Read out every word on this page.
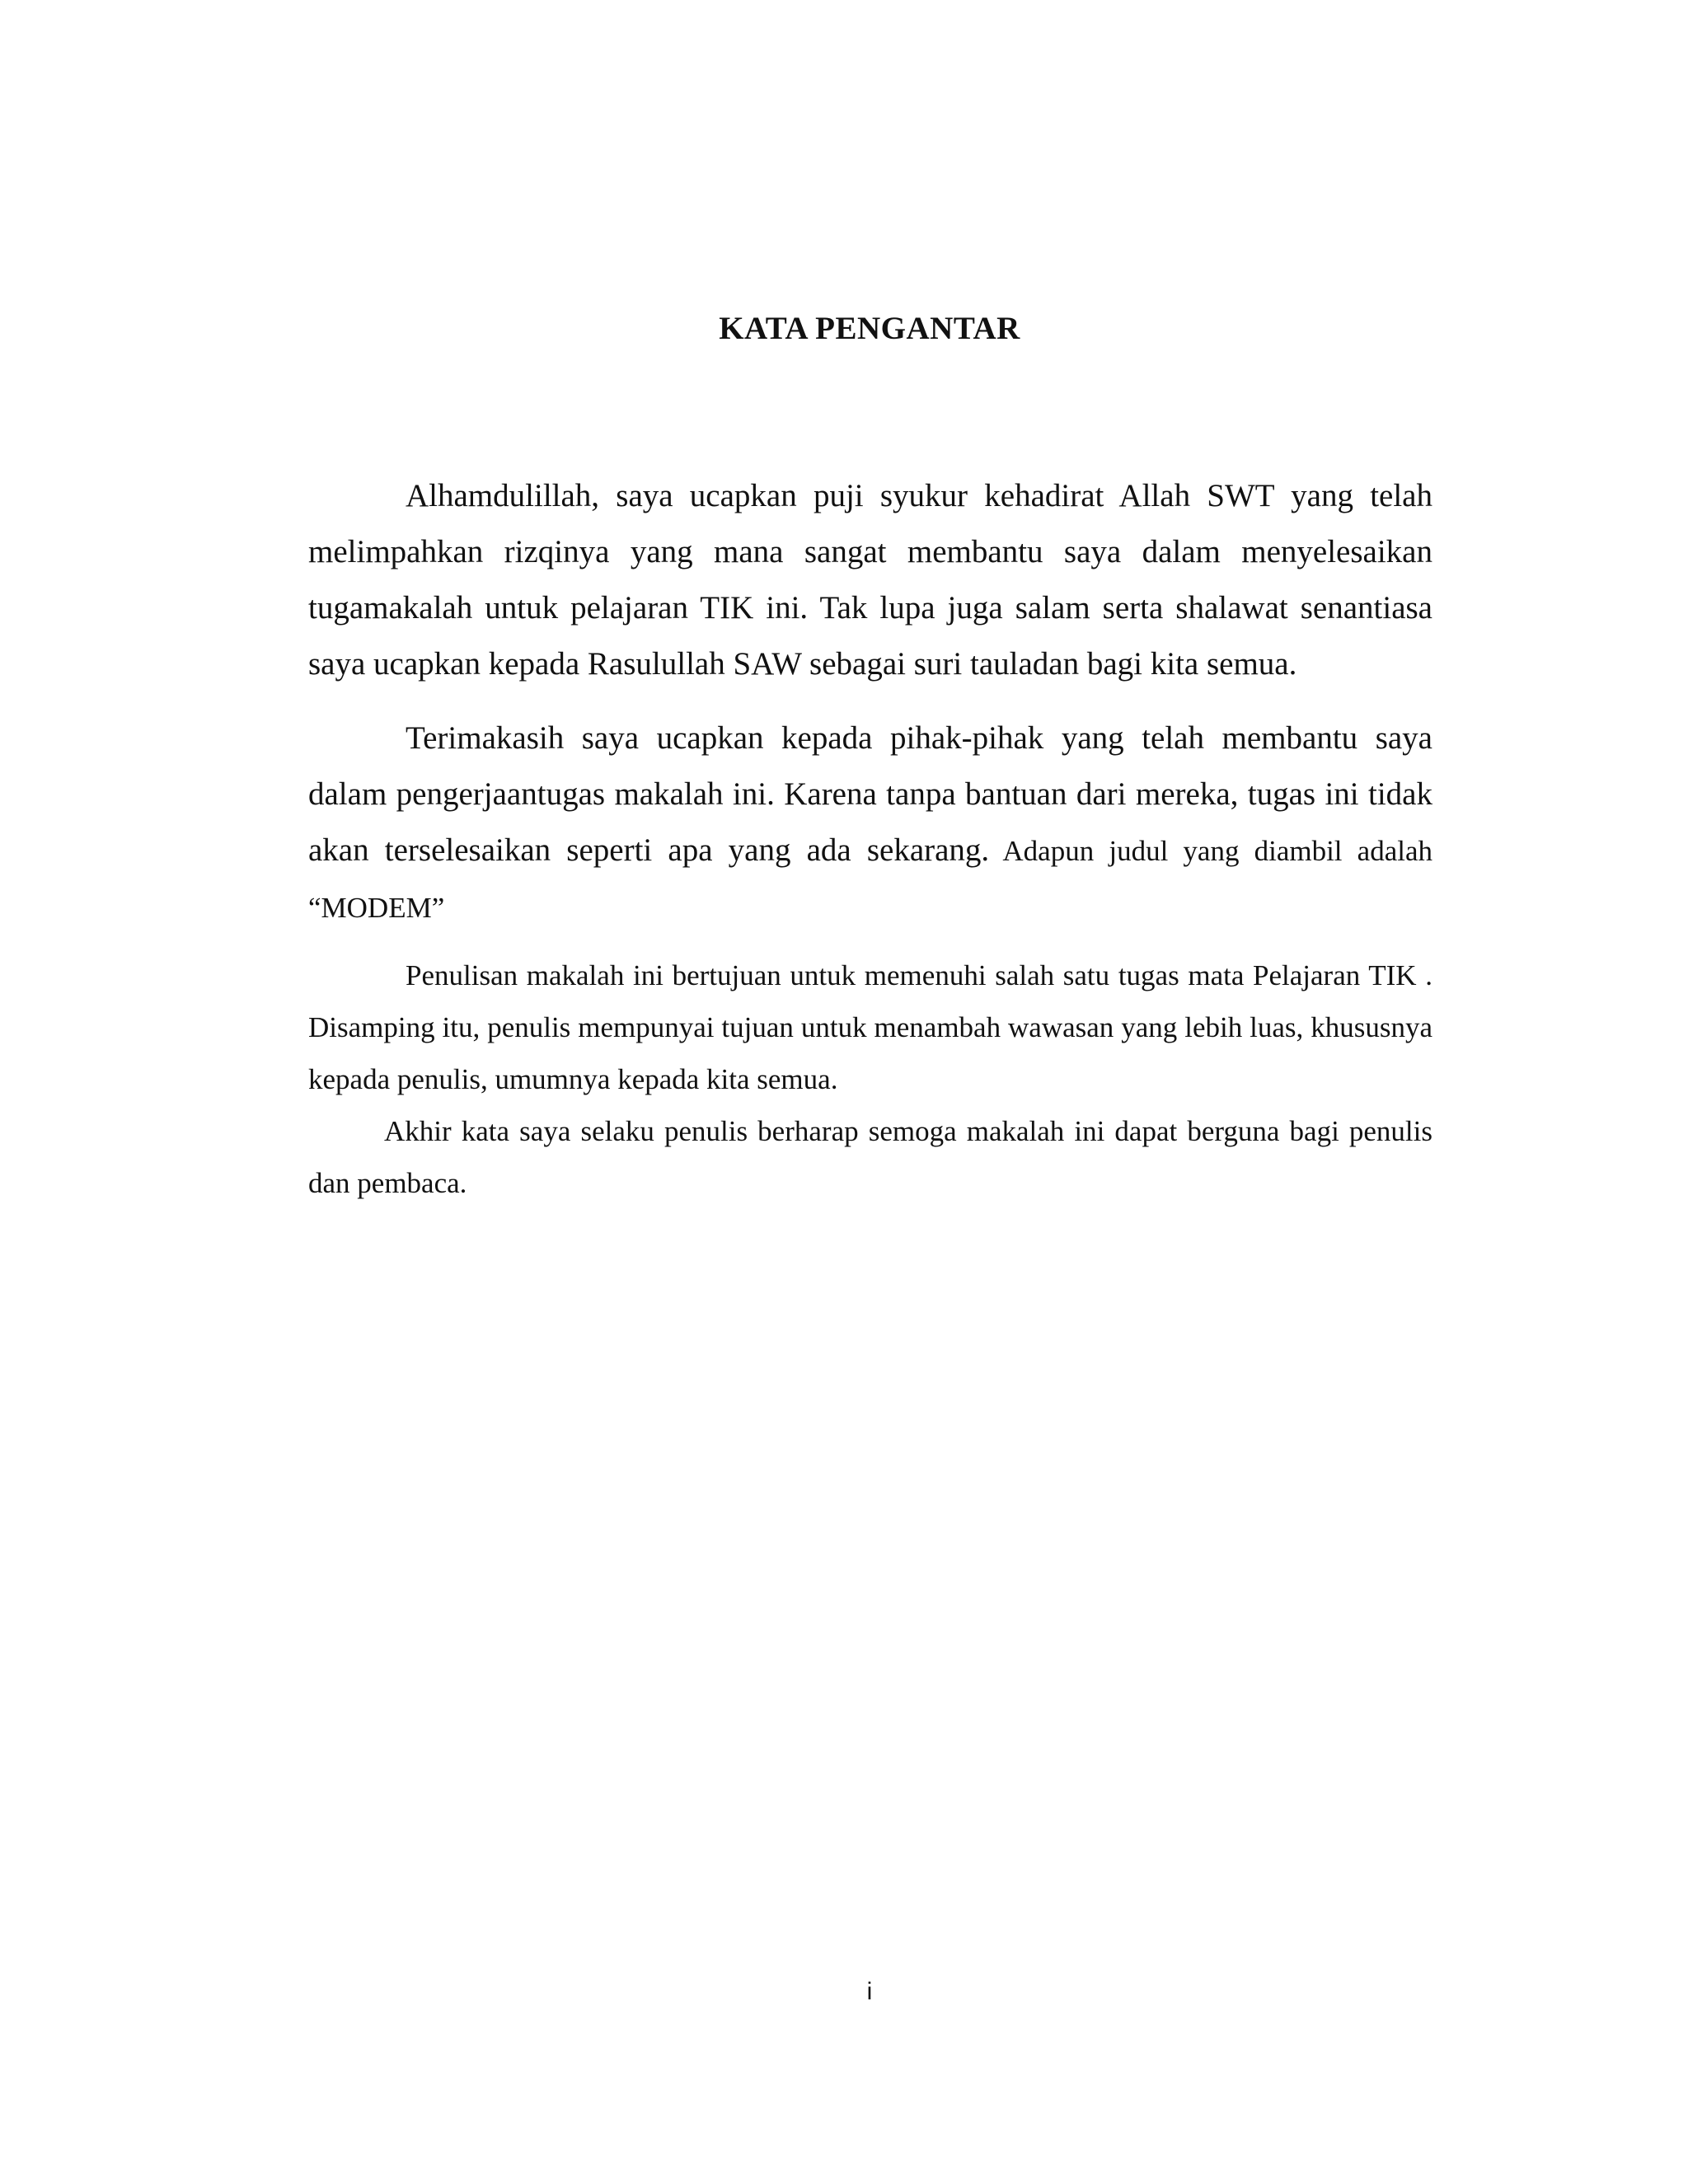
KATA PENGANTAR

Alhamdulillah, saya ucapkan puji syukur kehadirat Allah SWT yang telah melimpahkan rizqinya yang mana sangat membantu saya dalam menyelesaikan tugamakalah untuk pelajaran TIK ini. Tak lupa juga salam serta shalawat senantiasa saya ucapkan kepada Rasulullah SAW sebagai suri tauladan bagi kita semua.

Terimakasih saya ucapkan kepada pihak-pihak yang telah membantu saya dalam pengerjaantugas makalah ini. Karena tanpa bantuan dari mereka, tugas ini tidak akan terselesaikan seperti apa yang ada sekarang. Adapun judul yang diambil adalah “MODEM”

Penulisan makalah ini bertujuan untuk memenuhi salah satu tugas mata Pelajaran TIK . Disamping itu, penulis mempunyai tujuan untuk menambah wawasan yang lebih luas, khususnya kepada penulis, umumnya kepada kita semua.

Akhir kata saya selaku penulis berharap semoga makalah ini dapat berguna bagi penulis dan pembaca.

i
